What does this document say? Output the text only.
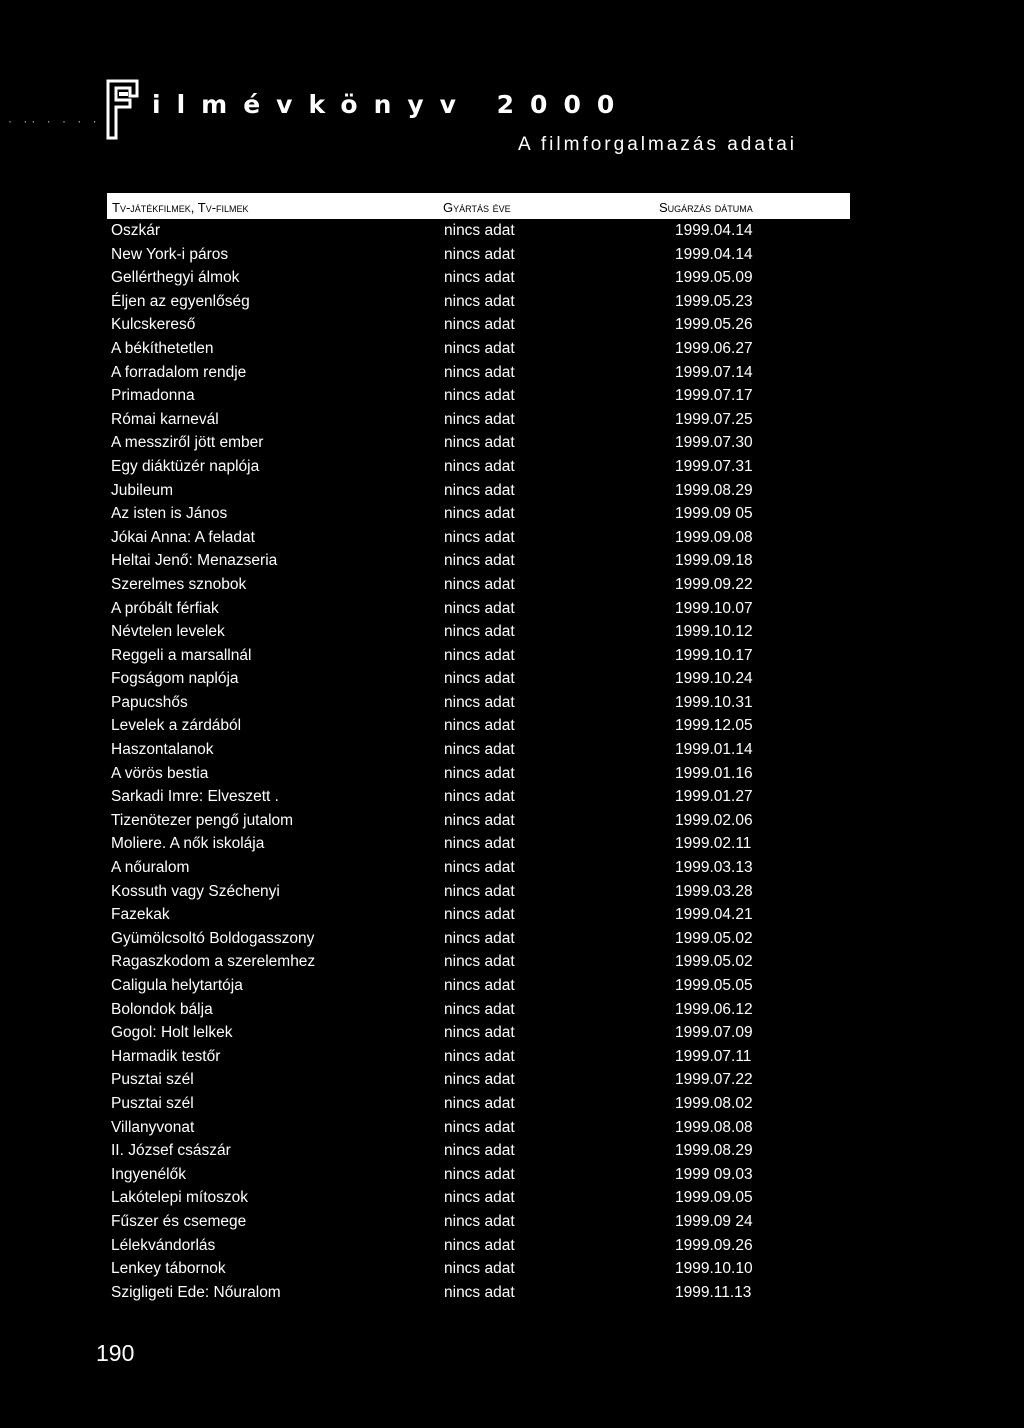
· ·· · · · ·
ilmévkönyv 2000

A filmforgalmazás adatai

Tv-játékfilmek, Tv-filmek	Gyártás éve	Sugárzás dátuma
Oszkár	nincs adat	1999.04.14
New York-i páros	nincs adat	1999.04.14
Gellérthegyi álmok	nincs adat	1999.05.09
Éljen az egyenlőség	nincs adat	1999.05.23
Kulcskereső	nincs adat	1999.05.26
A békíthetetlen	nincs adat	1999.06.27
A forradalom rendje	nincs adat	1999.07.14
Primadonna	nincs adat	1999.07.17
Római karnevál	nincs adat	1999.07.25
A messziről jött ember	nincs adat	1999.07.30
Egy diáktüzér naplója	nincs adat	1999.07.31
Jubileum	nincs adat	1999.08.29
Az isten is János	nincs adat	1999.09 05
Jókai Anna: A feladat	nincs adat	1999.09.08
Heltai Jenő: Menazseria	nincs adat	1999.09.18
Szerelmes sznobok	nincs adat	1999.09.22
A próbált férfiak	nincs adat	1999.10.07
Névtelen levelek	nincs adat	1999.10.12
Reggeli a marsallnál	nincs adat	1999.10.17
Fogságom naplója	nincs adat	1999.10.24
Papucshős	nincs adat	1999.10.31
Levelek a zárdából	nincs adat	1999.12.05
Haszontalanok	nincs adat	1999.01.14
A vörös bestia	nincs adat	1999.01.16
Sarkadi Imre: Elveszett .	nincs adat	1999.01.27
Tizenötezer pengő jutalom	nincs adat	1999.02.06
Moliere. A nők iskolája	nincs adat	1999.02.11
A nőuralom	nincs adat	1999.03.13
Kossuth vagy Széchenyi	nincs adat	1999.03.28
Fazekak	nincs adat	1999.04.21
Gyümölcsoltó Boldogasszony	nincs adat	1999.05.02
Ragaszkodom a szerelemhez	nincs adat	1999.05.02
Caligula helytartója	nincs adat	1999.05.05
Bolondok bálja	nincs adat	1999.06.12
Gogol: Holt lelkek	nincs adat	1999.07.09
Harmadik testőr	nincs adat	1999.07.11
Pusztai szél	nincs adat	1999.07.22
Pusztai szél	nincs adat	1999.08.02
Villanyvonat	nincs adat	1999.08.08
II. József császár	nincs adat	1999.08.29
Ingyenélők	nincs adat	1999 09.03
Lakótelepi mítoszok	nincs adat	1999.09.05
Fűszer és csemege	nincs adat	1999.09 24
Lélekvándorlás	nincs adat	1999.09.26
Lenkey tábornok	nincs adat	1999.10.10
Szigligeti Ede: Nőuralom	nincs adat	1999.11.13

190
